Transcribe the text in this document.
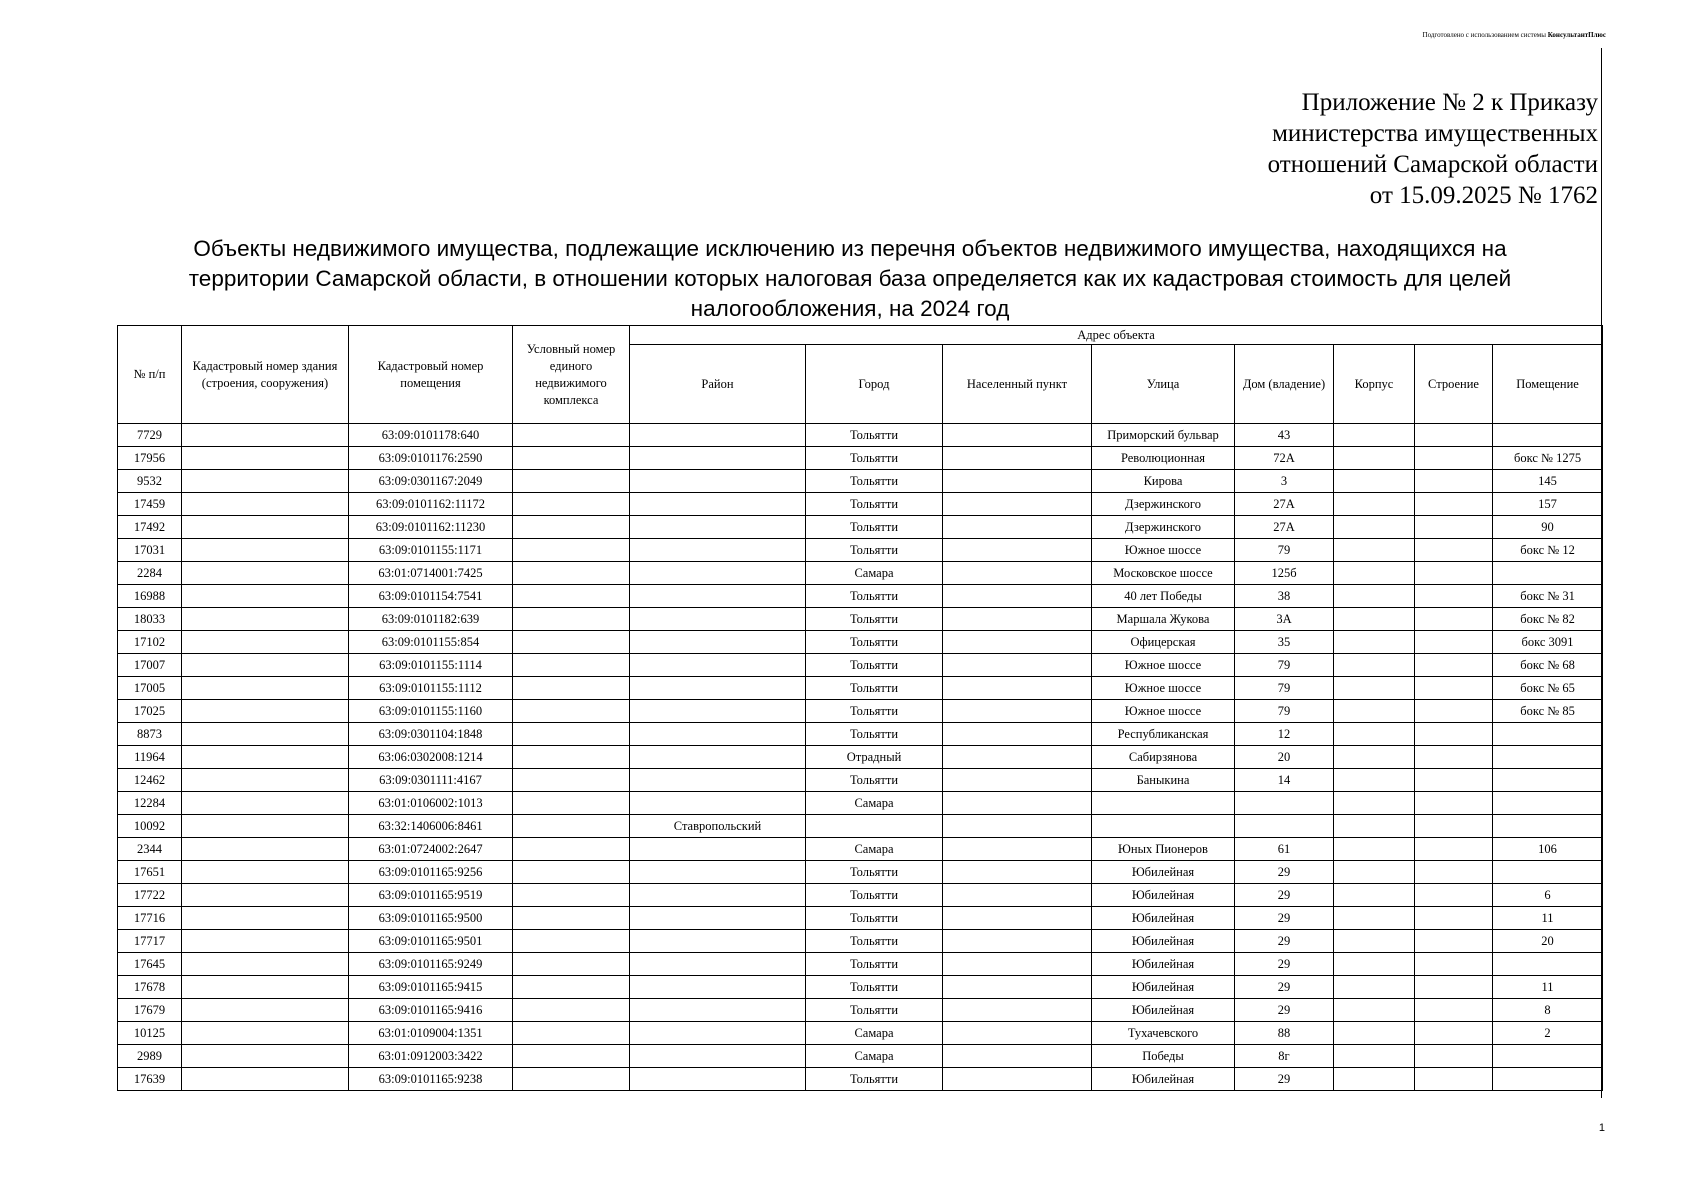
Подготовлено с использованием системы КонсультантПлюс
Приложение № 2 к Приказу
министерства имущественных
отношений Самарской области
от 15.09.2025 № 1762
Объекты недвижимого имущества, подлежащие исключению из перечня объектов недвижимого имущества, находящихся на
территории Самарской области, в отношении которых налоговая база определяется как их кадастровая стоимость для целей
налогообложения, на 2024 год
№ п/п	Кадастровый номер здания (строения, сооружения)	Кадастровый номер помещения	Условный номер единого недвижимого комплекса	Адрес объекта							
				Район	Город	Населенный пункт	Улица	Дом (владение)	Корпус	Строение	Помещение
7729		63:09:0101178:640			Тольятти		Приморский бульвар	43			
17956		63:09:0101176:2590			Тольятти		Революционная	72А			бокс № 1275
9532		63:09:0301167:2049			Тольятти		Кирова	3			145
17459		63:09:0101162:11172			Тольятти		Дзержинского	27А			157
17492		63:09:0101162:11230			Тольятти		Дзержинского	27А			90
17031		63:09:0101155:1171			Тольятти		Южное шоссе	79			бокс № 12
2284		63:01:0714001:7425			Самара		Московское шоссе	125б			
16988		63:09:0101154:7541			Тольятти		40 лет Победы	38			бокс № 31
18033		63:09:0101182:639			Тольятти		Маршала Жукова	3А			бокс № 82
17102		63:09:0101155:854			Тольятти		Офицерская	35			бокс 3091
17007		63:09:0101155:1114			Тольятти		Южное шоссе	79			бокс № 68
17005		63:09:0101155:1112			Тольятти		Южное шоссе	79			бокс № 65
17025		63:09:0101155:1160			Тольятти		Южное шоссе	79			бокс № 85
8873		63:09:0301104:1848			Тольятти		Республиканская	12			
11964		63:06:0302008:1214			Отрадный		Сабирзянова	20			
12462		63:09:0301111:4167			Тольятти		Баныкина	14			
12284		63:01:0106002:1013			Самара						
10092		63:32:1406006:8461		Ставропольский							
2344		63:01:0724002:2647			Самара		Юных Пионеров	61			106
17651		63:09:0101165:9256			Тольятти		Юбилейная	29			
17722		63:09:0101165:9519			Тольятти		Юбилейная	29			6
17716		63:09:0101165:9500			Тольятти		Юбилейная	29			11
17717		63:09:0101165:9501			Тольятти		Юбилейная	29			20
17645		63:09:0101165:9249			Тольятти		Юбилейная	29			
17678		63:09:0101165:9415			Тольятти		Юбилейная	29			11
17679		63:09:0101165:9416			Тольятти		Юбилейная	29			8
10125		63:01:0109004:1351			Самара		Тухачевского	88			2
2989		63:01:0912003:3422			Самара		Победы	8г			
17639		63:09:0101165:9238			Тольятти		Юбилейная	29			
1
